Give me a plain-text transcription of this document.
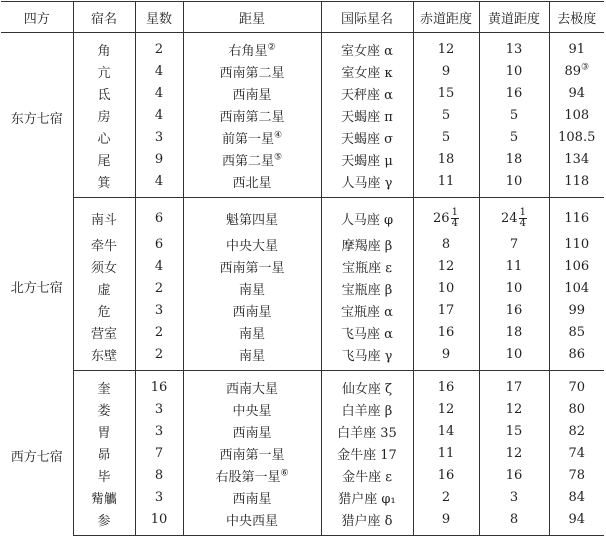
四方	宿名	星数	距星	国际星名	赤道距度	黄道距度	去极度
东方七宿	角	2	右角星②	室女座 α	12	13	91
	亢	4	西南第二星	室女座 κ	9	10	89③
	氐	4	西南星	天秤座 α	15	16	94
	房	4	西南第二星	天蝎座 π	5	5	108
	心	3	前第一星④	天蝎座 σ	5	5	108.5
	尾	9	西第二星⑤	天蝎座 μ	18	18	134
	箕	4	西北星	人马座 γ	11	10	118
北方七宿	南斗	6	魁第四星	人马座 φ	$26 \frac{1}{4}$	$24 \frac{1}{4}$	116
	牵牛	6	中央大星	摩羯座 β	8	7	110
	须女	4	西南第一星	宝瓶座 ε	12	11	106
	虚	2	南星	宝瓶座 β	10	10	104
	危	3	西南星	宝瓶座 α	17	16	99
	营室	2	南星	飞马座 α	16	18	85
	东壁	2	南星	飞马座 γ	9	10	86
西方七宿	奎	16	西南大星	仙女座 ζ	16	17	70
	娄	3	中央星	白羊座 β	12	12	80
	胃	3	西南星	白羊座 35	14	15	82
	昴	7	西南第一星	金牛座 17	11	12	74
	毕	8	右股第一星⑥	金牛座 ε	16	16	78
	觜觿	3	西南星	猎户座 φ₁	2	3	84
	参	10	中央西星	猎户座 δ	9	8	94
